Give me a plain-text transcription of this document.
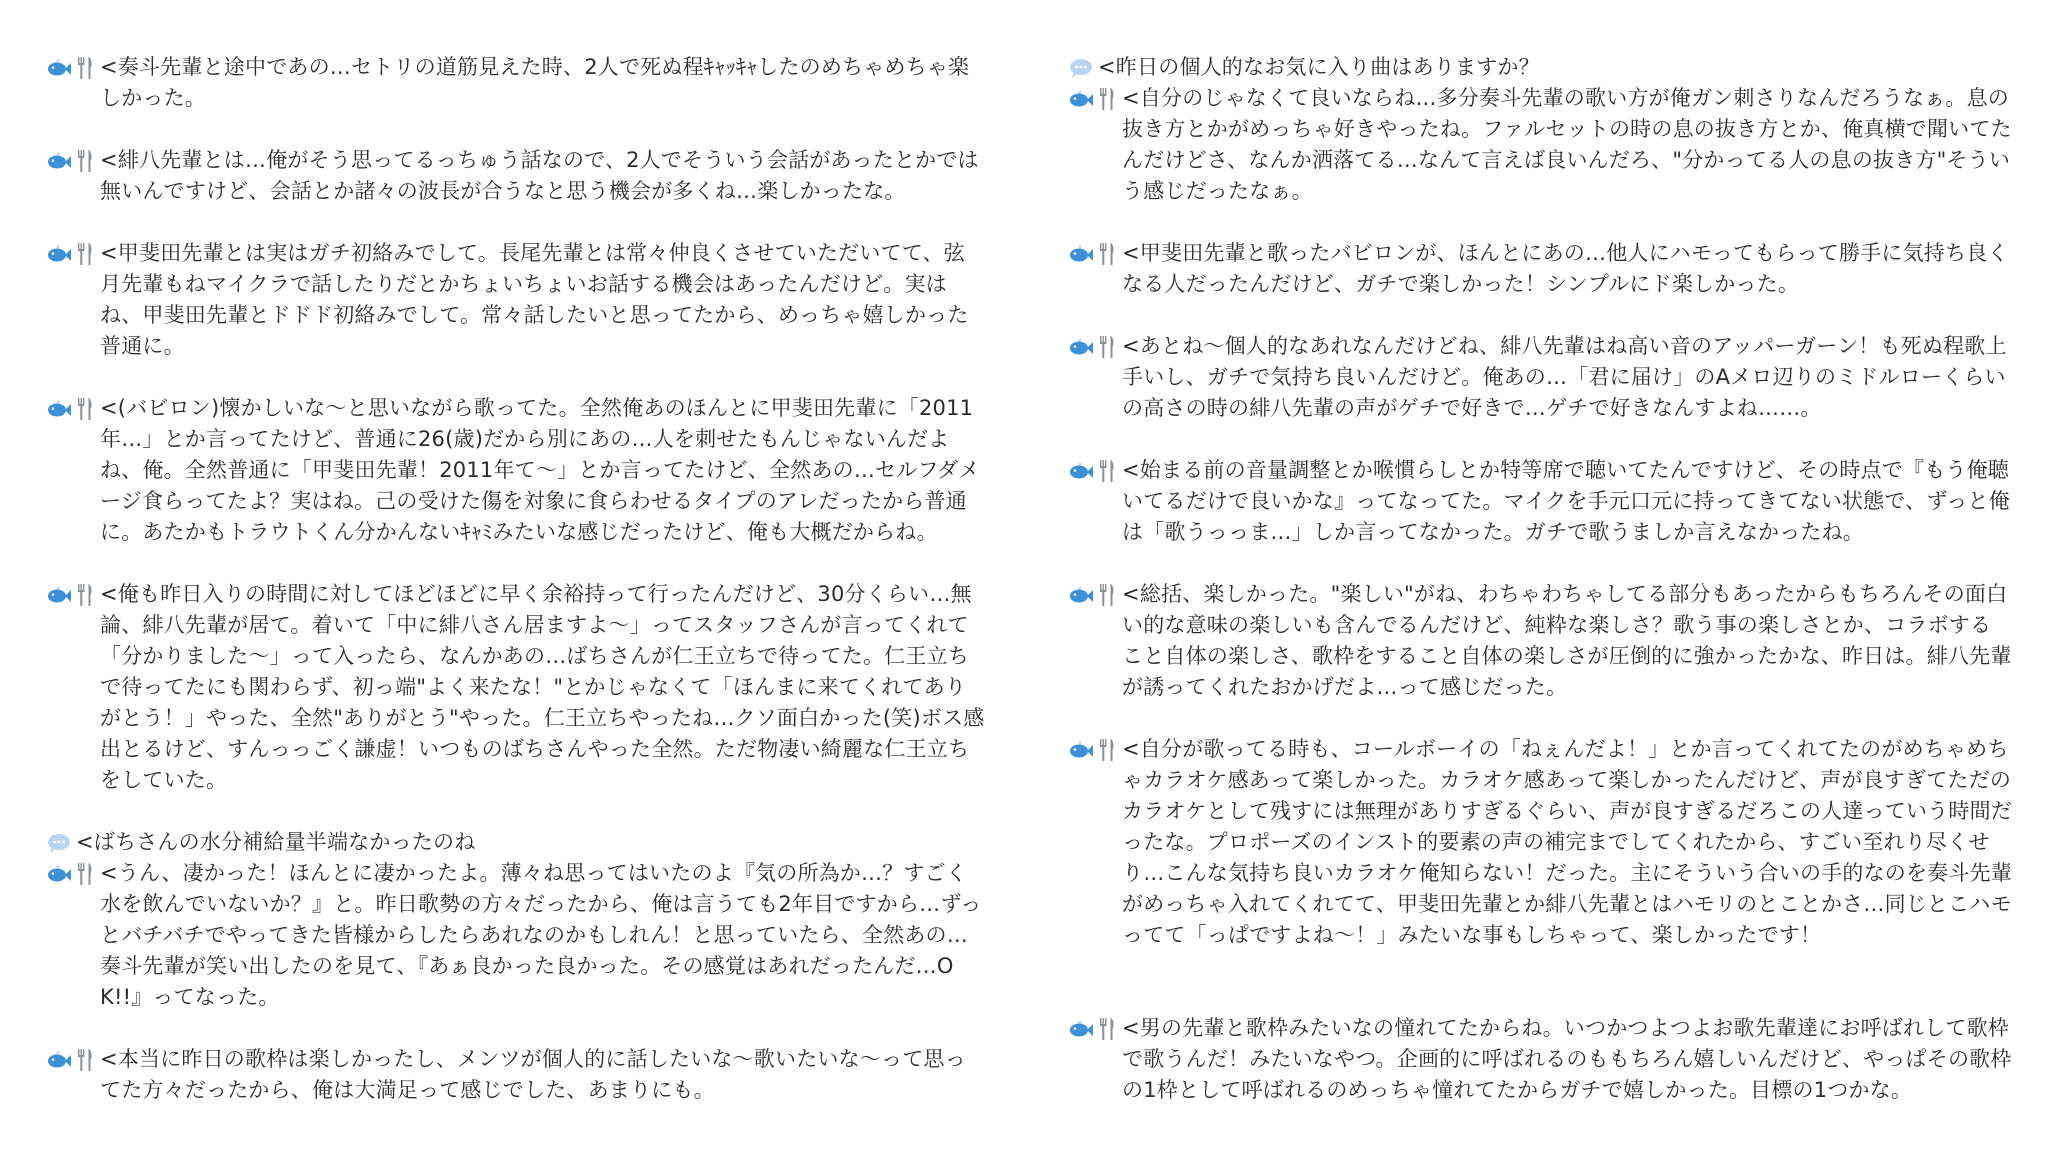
<奏斗先輩と途中であの…セトリの道筋見えた時、2人で死ぬ程ｷｬｯｷｬしたのめちゃめちゃ楽しかった。
<緋八先輩とは…俺がそう思ってるっちゅう話なので、2人でそういう会話があったとかでは無いんですけど、会話とか諸々の波長が合うなと思う機会が多くね…楽しかったな。
<甲斐田先輩とは実はガチ初絡みでして。長尾先輩とは常々仲良くさせていただいてて、弦月先輩もねマイクラで話したりだとかちょいちょいお話する機会はあったんだけど。実はね、甲斐田先輩とドドド初絡みでして。常々話したいと思ってたから、めっちゃ嬉しかった普通に。
<(バビロン)懐かしいな〜と思いながら歌ってた。全然俺あのほんとに甲斐田先輩に「2011年…」とか言ってたけど、普通に26(歳)だから別にあの…人を刺せたもんじゃないんだよね、俺。全然普通に「甲斐田先輩！2011年て〜」とか言ってたけど、全然あの…セルフダメージ食らってたよ？実はね。己の受けた傷を対象に食らわせるタイプのアレだったから普通に。あたかもトラウトくん分かんないｷｬﾐみたいな感じだったけど、俺も大概だからね。
<俺も昨日入りの時間に対してほどほどに早く余裕持って行ったんだけど、30分くらい…無論、緋八先輩が居て。着いて「中に緋八さん居ますよ〜」ってスタッフさんが言ってくれて「分かりました〜」って入ったら、なんかあの…ばちさんが仁王立ちで待ってた。仁王立ちで待ってたにも関わらず、初っ端"よく来たな！"とかじゃなくて「ほんまに来てくれてありがとう！」やった、全然"ありがとう"やった。仁王立ちやったね…クソ面白かった(笑)ボス感出とるけど、すんっっごく謙虚！いつものばちさんやった全然。ただ物凄い綺麗な仁王立ちをしていた。
<ばちさんの水分補給量半端なかったのね
<うん、凄かった！ほんとに凄かったよ。薄々ね思ってはいたのよ『気の所為か…？すごく水を飲んでいないか？』と。昨日歌勢の方々だったから、俺は言うても2年目ですから…ずっとバチバチでやってきた皆様からしたらあれなのかもしれん！と思っていたら、全然あの…奏斗先輩が笑い出したのを見て、『あぁ良かった良かった。その感覚はあれだったんだ…OK!!』ってなった。
<本当に昨日の歌枠は楽しかったし、メンツが個人的に話したいな〜歌いたいな〜って思ってた方々だったから、俺は大満足って感じでした、あまりにも。
<昨日の個人的なお気に入り曲はありますか？
<自分のじゃなくて良いならね…多分奏斗先輩の歌い方が俺ガン刺さりなんだろうなぁ。息の抜き方とかがめっちゃ好きやったね。ファルセットの時の息の抜き方とか、俺真横で聞いてたんだけどさ、なんか洒落てる…なんて言えば良いんだろ、"分かってる人の息の抜き方"そういう感じだったなぁ。
<甲斐田先輩と歌ったバビロンが、ほんとにあの…他人にハモってもらって勝手に気持ち良くなる人だったんだけど、ガチで楽しかった！シンプルにド楽しかった。
<あとね〜個人的なあれなんだけどね、緋八先輩はね高い音のアッパーガーン！も死ぬ程歌上手いし、ガチで気持ち良いんだけど。俺あの…「君に届け」のAメロ辺りのミドルローくらいの高さの時の緋八先輩の声がゲチで好きで…ゲチで好きなんすよね……。
<始まる前の音量調整とか喉慣らしとか特等席で聴いてたんですけど、その時点で『もう俺聴いてるだけで良いかな』ってなってた。マイクを手元口元に持ってきてない状態で、ずっと俺は「歌うっっま…」しか言ってなかった。ガチで歌うましか言えなかったね。
<総括、楽しかった。"楽しい"がね、わちゃわちゃしてる部分もあったからもちろんその面白い的な意味の楽しいも含んでるんだけど、純粋な楽しさ？歌う事の楽しさとか、コラボすること自体の楽しさ、歌枠をすること自体の楽しさが圧倒的に強かったかな、昨日は。緋八先輩が誘ってくれたおかげだよ…って感じだった。
<自分が歌ってる時も、コールボーイの「ねぇんだよ！」とか言ってくれてたのがめちゃめちゃカラオケ感あって楽しかった。カラオケ感あって楽しかったんだけど、声が良すぎてただのカラオケとして残すには無理がありすぎるぐらい、声が良すぎるだろこの人達っていう時間だったな。プロポーズのインスト的要素の声の補完までしてくれたから、すごい至れり尽くせり…こんな気持ち良いカラオケ俺知らない！だった。主にそういう合いの手的なのを奏斗先輩がめっちゃ入れてくれてて、甲斐田先輩とか緋八先輩とはハモリのとことかさ…同じとこハモってて「っぱですよね〜！」みたいな事もしちゃって、楽しかったです！
<男の先輩と歌枠みたいなの憧れてたからね。いつかつよつよお歌先輩達にお呼ばれして歌枠で歌うんだ！みたいなやつ。企画的に呼ばれるのももちろん嬉しいんだけど、やっぱその歌枠の1枠として呼ばれるのめっちゃ憧れてたからガチで嬉しかった。目標の1つかな。
